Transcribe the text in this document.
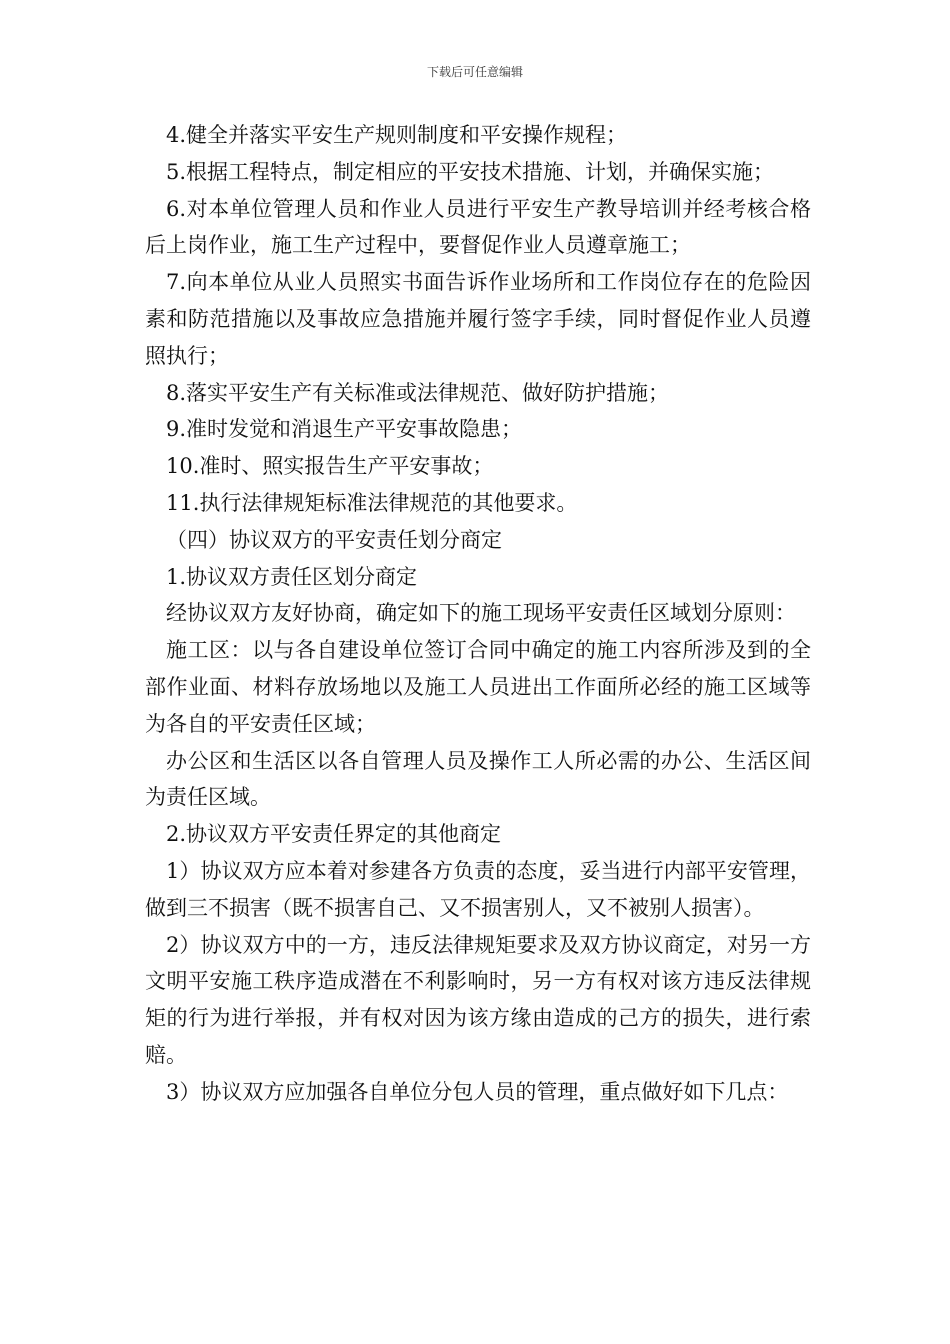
下载后可任意编辑

4.健全并落实平安生产规则制度和平安操作规程；

5.根据工程特点，制定相应的平安技术措施、计划，并确保实施；

6.对本单位管理人员和作业人员进行平安生产教导培训并经考核合格后上岗作业，施工生产过程中，要督促作业人员遵章施工；

7.向本单位从业人员照实书面告诉作业场所和工作岗位存在的危险因素和防范措施以及事故应急措施并履行签字手续，同时督促作业人员遵照执行；

8.落实平安生产有关标准或法律规范、做好防护措施；

9.准时发觉和消退生产平安事故隐患；

10.准时、照实报告生产平安事故；

11.执行法律规矩标准法律规范的其他要求。

（四）协议双方的平安责任划分商定

1.协议双方责任区划分商定

经协议双方友好协商，确定如下的施工现场平安责任区域划分原则：

施工区：以与各自建设单位签订合同中确定的施工内容所涉及到的全部作业面、材料存放场地以及施工人员进出工作面所必经的施工区域等为各自的平安责任区域；

办公区和生活区以各自管理人员及操作工人所必需的办公、生活区间为责任区域。

2.协议双方平安责任界定的其他商定

1）协议双方应本着对参建各方负责的态度，妥当进行内部平安管理，做到三不损害（既不损害自己、又不损害别人，又不被别人损害）。

2）协议双方中的一方，违反法律规矩要求及双方协议商定，对另一方文明平安施工秩序造成潜在不利影响时，另一方有权对该方违反法律规矩的行为进行举报，并有权对因为该方缘由造成的己方的损失，进行索赔。

3）协议双方应加强各自单位分包人员的管理，重点做好如下几点：
